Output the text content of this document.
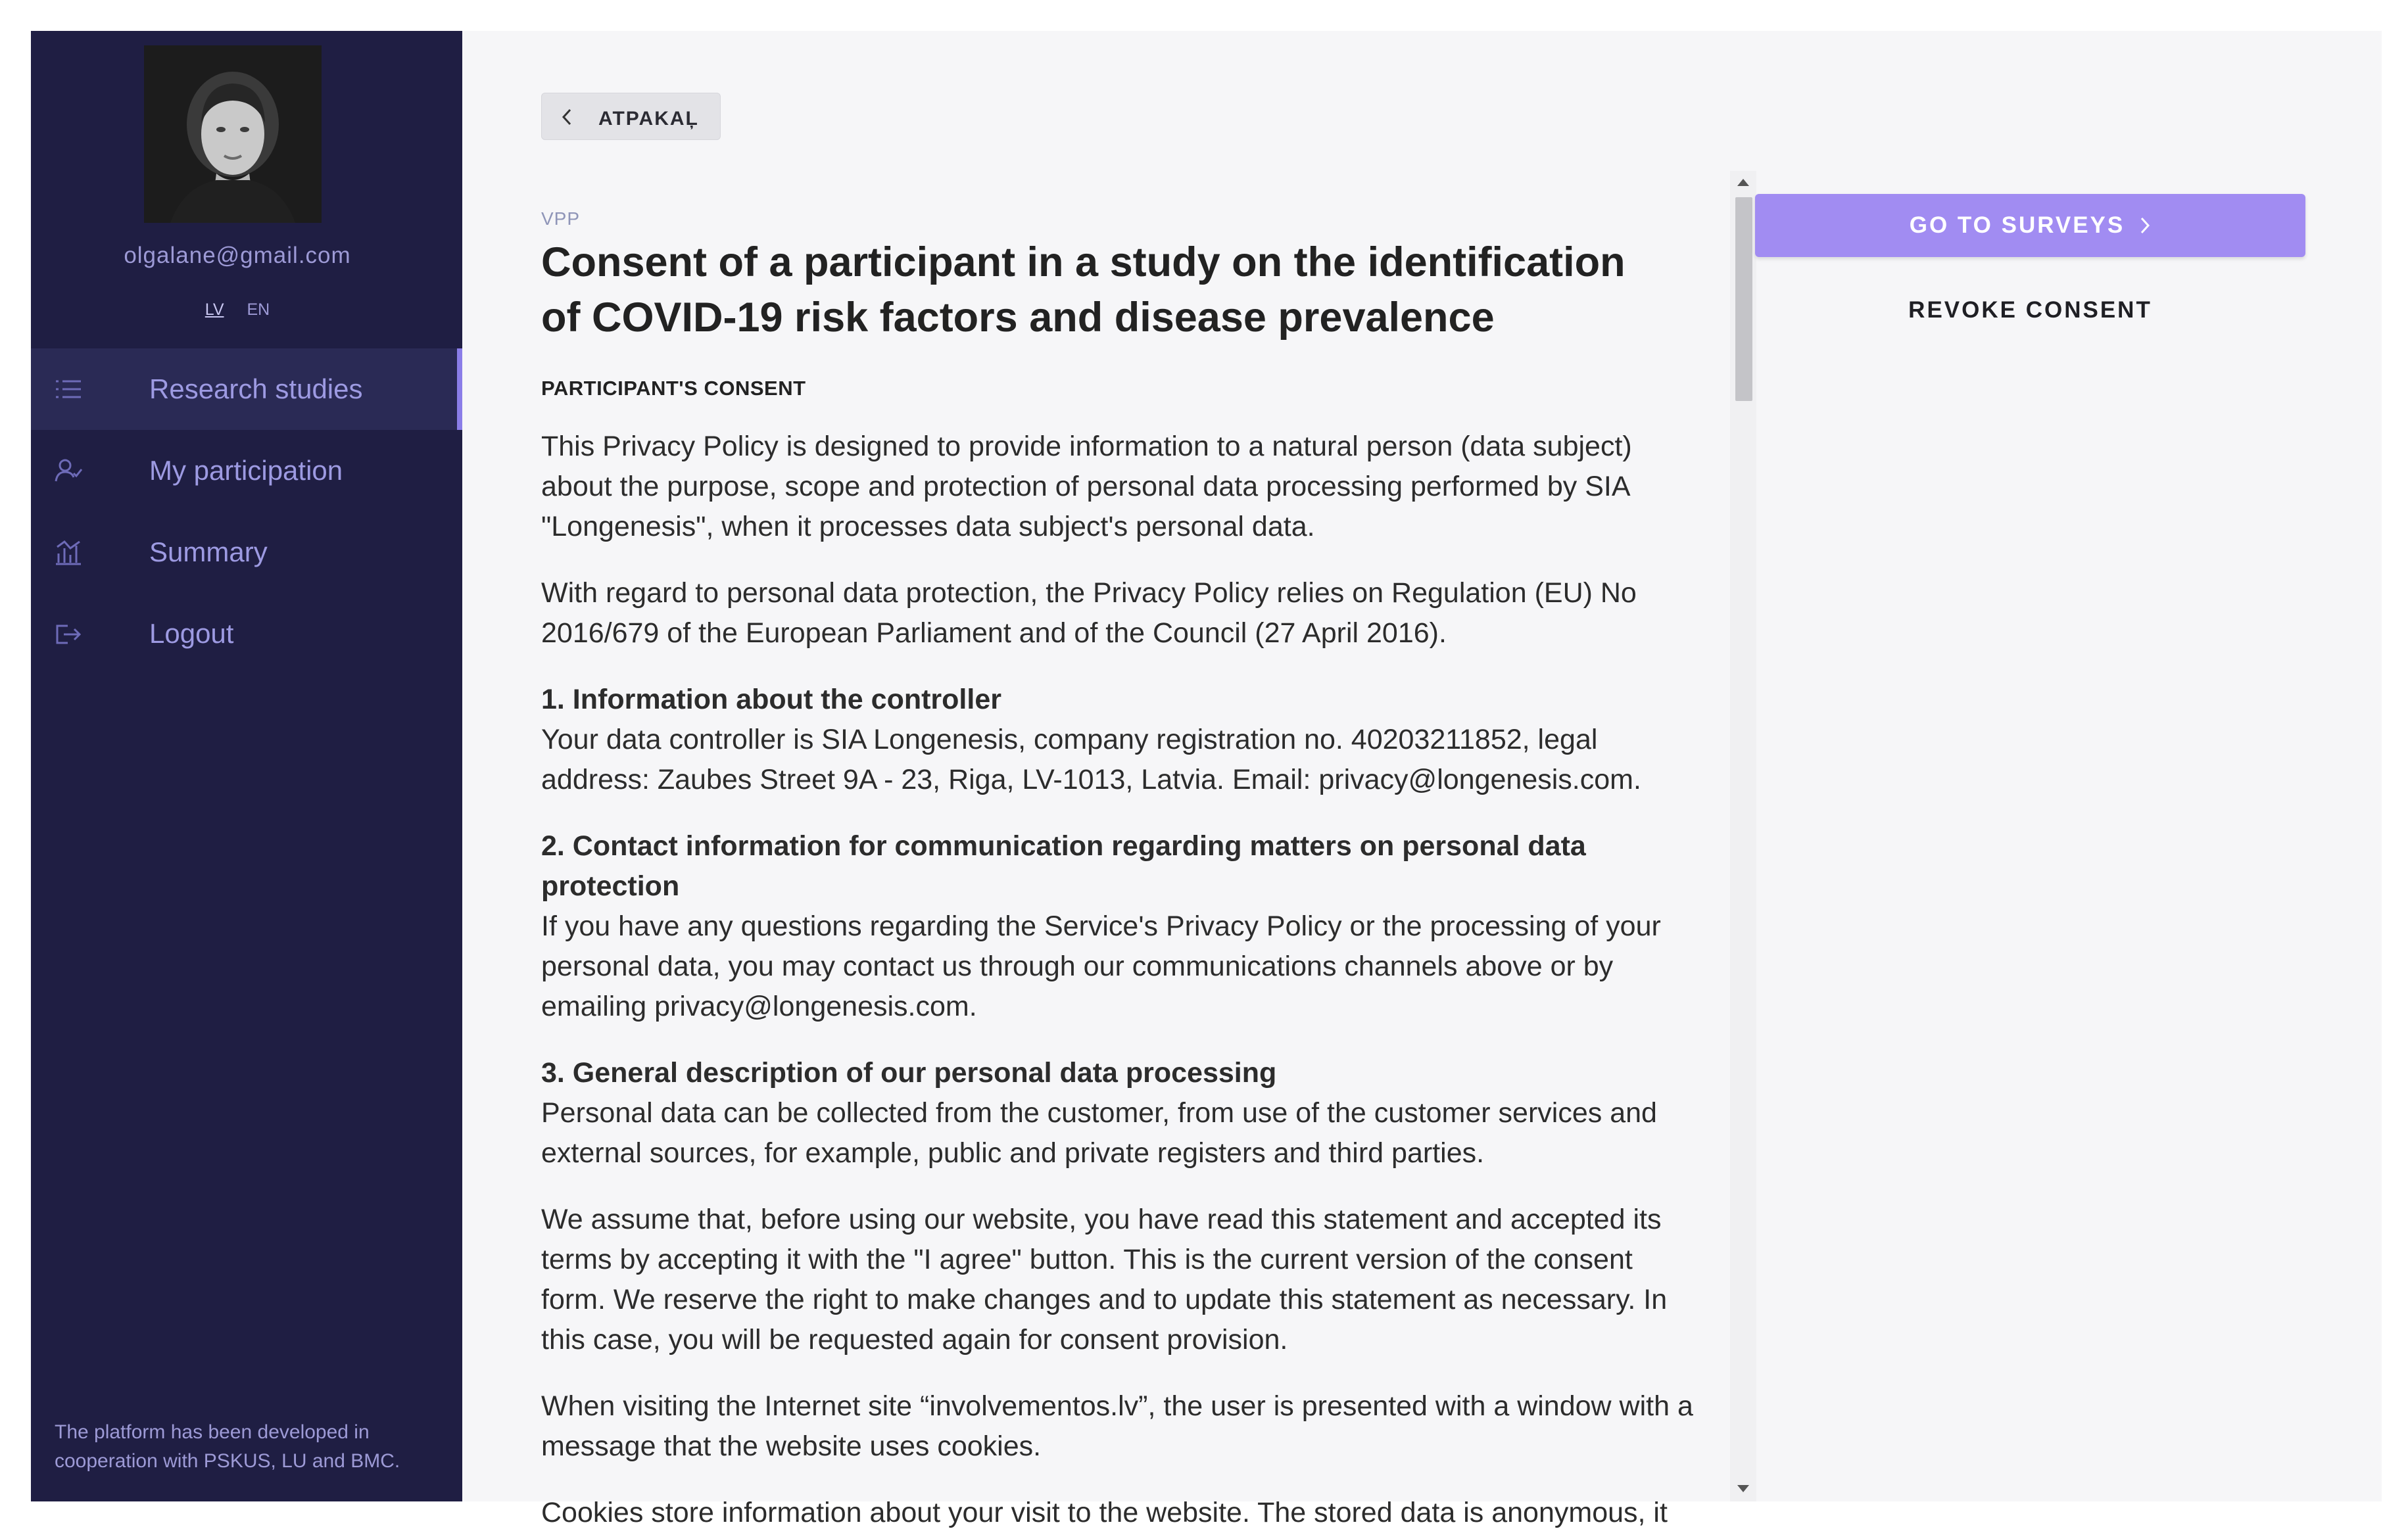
olgalane@gmail.com
LV EN
Research studies
My participation
Summary
Logout
The platform has been developed in cooperation with PSKUS, LU and BMC.
ATPAKAĻ
VPP
Consent of a participant in a study on the identification of COVID-19 risk factors and disease prevalence
PARTICIPANT'S CONSENT

This Privacy Policy is designed to provide information to a natural person (data subject) about the purpose, scope and protection of personal data processing performed by SIA "Longenesis", when it processes data subject's personal data.

With regard to personal data protection, the Privacy Policy relies on Regulation (EU) No 2016/679 of the European Parliament and of the Council (27 April 2016).

1. Information about the controller

Your data controller is SIA Longenesis, company registration no. 40203211852, legal address: Zaubes Street 9A - 23, Riga, LV-1013, Latvia. Email: privacy@longenesis.com.

2. Contact information for communication regarding matters on personal data protection

If you have any questions regarding the Service's Privacy Policy or the processing of your personal data, you may contact us through our communications channels above or by emailing privacy@longenesis.com.

3. General description of our personal data processing

Personal data can be collected from the customer, from use of the customer services and external sources, for example, public and private registers and third parties.

We assume that, before using our website, you have read this statement and accepted its terms by accepting it with the "I agree" button. This is the current version of the consent form. We reserve the right to make changes and to update this statement as necessary. In this case, you will be requested again for consent provision.

When visiting the Internet site “involvementos.lv”, the user is presented with a window with a message that the website uses cookies.

Cookies store information about your visit to the website. The stored data is anonymous, it

GO TO SURVEYS
REVOKE CONSENT
